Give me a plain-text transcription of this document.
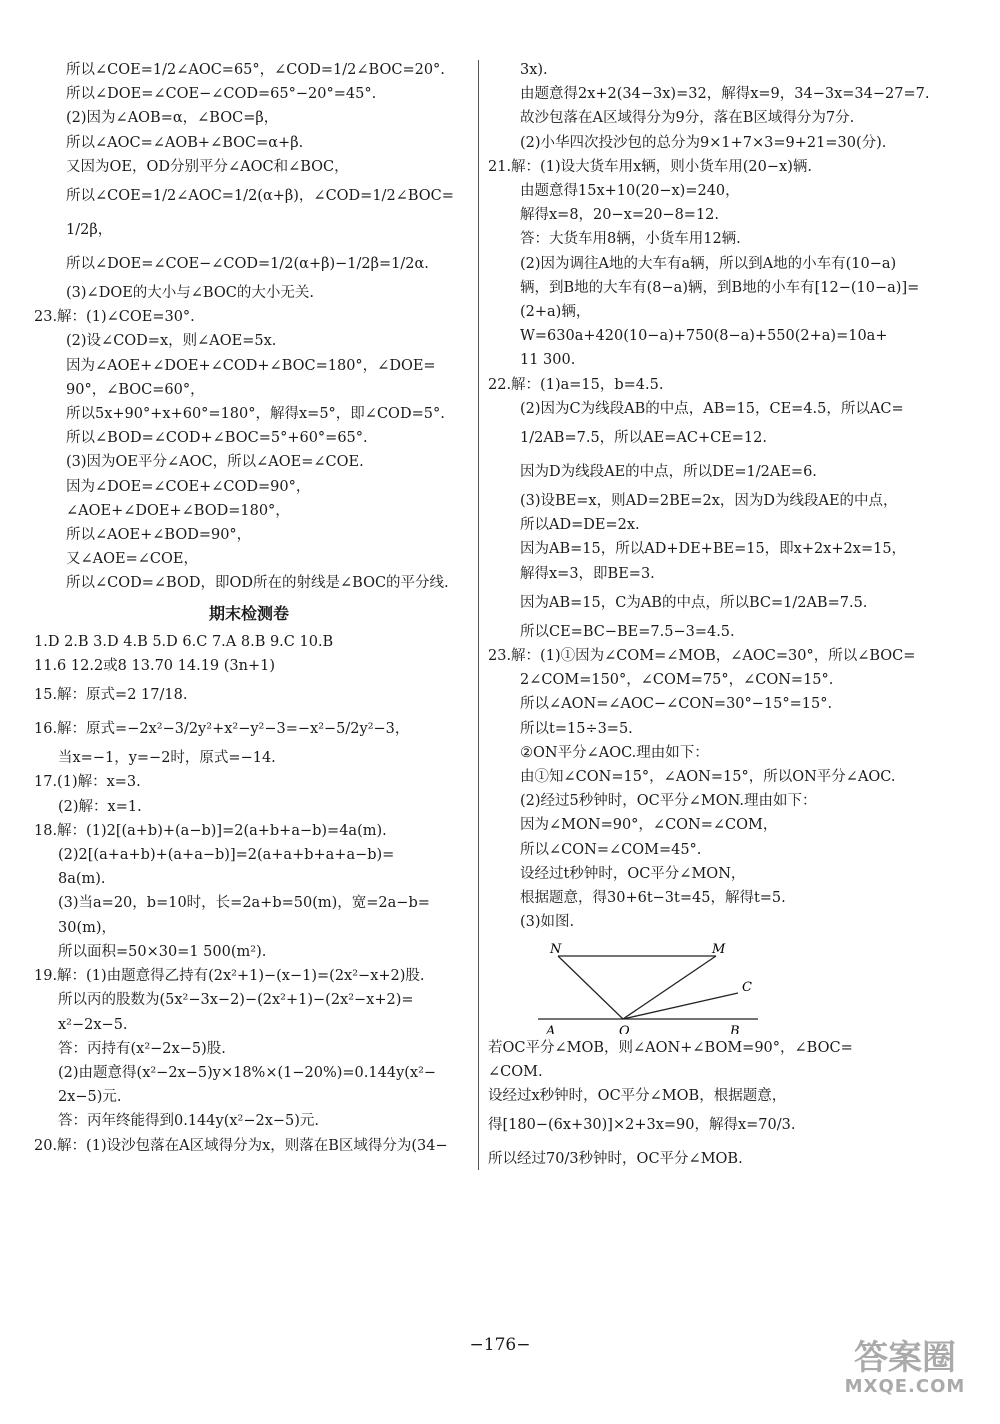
所以∠COE=1/2∠AOC=65°，∠COD=1/2∠BOC=20°.
所以∠DOE=∠COE−∠COD=65°−20°=45°.
(2)因为∠AOB=α，∠BOC=β，
所以∠AOC=∠AOB+∠BOC=α+β.
又因为OE，OD分别平分∠AOC和∠BOC，
所以∠COE=1/2∠AOC=1/2(α+β)，∠COD=1/2∠BOC=
1/2β，
所以∠DOE=∠COE−∠COD=1/2(α+β)−1/2β=1/2α.
(3)∠DOE的大小与∠BOC的大小无关.
23.解：(1)∠COE=30°.
(2)设∠COD=x，则∠AOE=5x.
因为∠AOE+∠DOE+∠COD+∠BOC=180°，∠DOE=
90°，∠BOC=60°，
所以5x+90°+x+60°=180°，解得x=5°，即∠COD=5°.
所以∠BOD=∠COD+∠BOC=5°+60°=65°.
(3)因为OE平分∠AOC，所以∠AOE=∠COE.
因为∠DOE=∠COE+∠COD=90°，
∠AOE+∠DOE+∠BOD=180°，
所以∠AOE+∠BOD=90°，
又∠AOE=∠COE，
所以∠COD=∠BOD，即OD所在的射线是∠BOC的平分线.
期末检测卷
1.D 2.B 3.D 4.B 5.D 6.C 7.A 8.B 9.C 10.B
11.6 12.2或8 13.70 14.19 (3n+1)
15.解：原式=2 17/18.
16.解：原式=−2x²−3/2y²+x²−y²−3=−x²−5/2y²−3，
当x=−1，y=−2时，原式=−14.
17.(1)解：x=3.
(2)解：x=1.
18.解：(1)2[(a+b)+(a−b)]=2(a+b+a−b)=4a(m).
(2)2[(a+a+b)+(a+a−b)]=2(a+a+b+a+a−b)=
8a(m).
(3)当a=20，b=10时，长=2a+b=50(m)，宽=2a−b=
30(m)，
所以面积=50×30=1 500(m²).
19.解：(1)由题意得乙持有(2x²+1)−(x−1)=(2x²−x+2)股.
所以丙的股数为(5x²−3x−2)−(2x²+1)−(2x²−x+2)=
x²−2x−5.
答：丙持有(x²−2x−5)股.
(2)由题意得(x²−2x−5)y×18%×(1−20%)=0.144y(x²−
2x−5)元.
答：丙年终能得到0.144y(x²−2x−5)元.
20.解：(1)设沙包落在A区域得分为x，则落在B区域得分为(34−
3x).
由题意得2x+2(34−3x)=32，解得x=9，34−3x=34−27=7.
故沙包落在A区域得分为9分，落在B区域得分为7分.
(2)小华四次投沙包的总分为9×1+7×3=9+21=30(分).
21.解：(1)设大货车用x辆，则小货车用(20−x)辆.
由题意得15x+10(20−x)=240，
解得x=8，20−x=20−8=12.
答：大货车用8辆，小货车用12辆.
(2)因为调往A地的大车有a辆，所以到A地的小车有(10−a)
辆，到B地的大车有(8−a)辆，到B地的小车有[12−(10−a)]=
(2+a)辆，
W=630a+420(10−a)+750(8−a)+550(2+a)=10a+
11 300.
22.解：(1)a=15，b=4.5.
(2)因为C为线段AB的中点，AB=15，CE=4.5，所以AC=
1/2AB=7.5，所以AE=AC+CE=12.
因为D为线段AE的中点，所以DE=1/2AE=6.
(3)设BE=x，则AD=2BE=2x，因为D为线段AE的中点，
所以AD=DE=2x.
因为AB=15，所以AD+DE+BE=15，即x+2x+2x=15，
解得x=3，即BE=3.
因为AB=15，C为AB的中点，所以BC=1/2AB=7.5.
所以CE=BC−BE=7.5−3=4.5.
23.解：(1)①因为∠COM=∠MOB，∠AOC=30°，所以∠BOC=
2∠COM=150°，∠COM=75°，∠CON=15°.
所以∠AON=∠AOC−∠CON=30°−15°=15°.
所以t=15÷3=5.
②ON平分∠AOC.理由如下：
由①知∠CON=15°，∠AON=15°，所以ON平分∠AOC.
(2)经过5秒钟时，OC平分∠MON.理由如下：
因为∠MON=90°，∠CON=∠COM，
所以∠CON=∠COM=45°.
设经过t秒钟时，OC平分∠MON，
根据题意，得30+6t−3t=45，解得t=5.
(3)如图.
N	M
C
A	O	B
若OC平分∠MOB，则∠AON+∠BOM=90°，∠BOC=
∠COM.
设经过x秒钟时，OC平分∠MOB，根据题意，
得[180−(6x+30)]×2+3x=90，解得x=70/3.
所以经过70/3秒钟时，OC平分∠MOB.
−176−	答案圈
MXQE.COM
